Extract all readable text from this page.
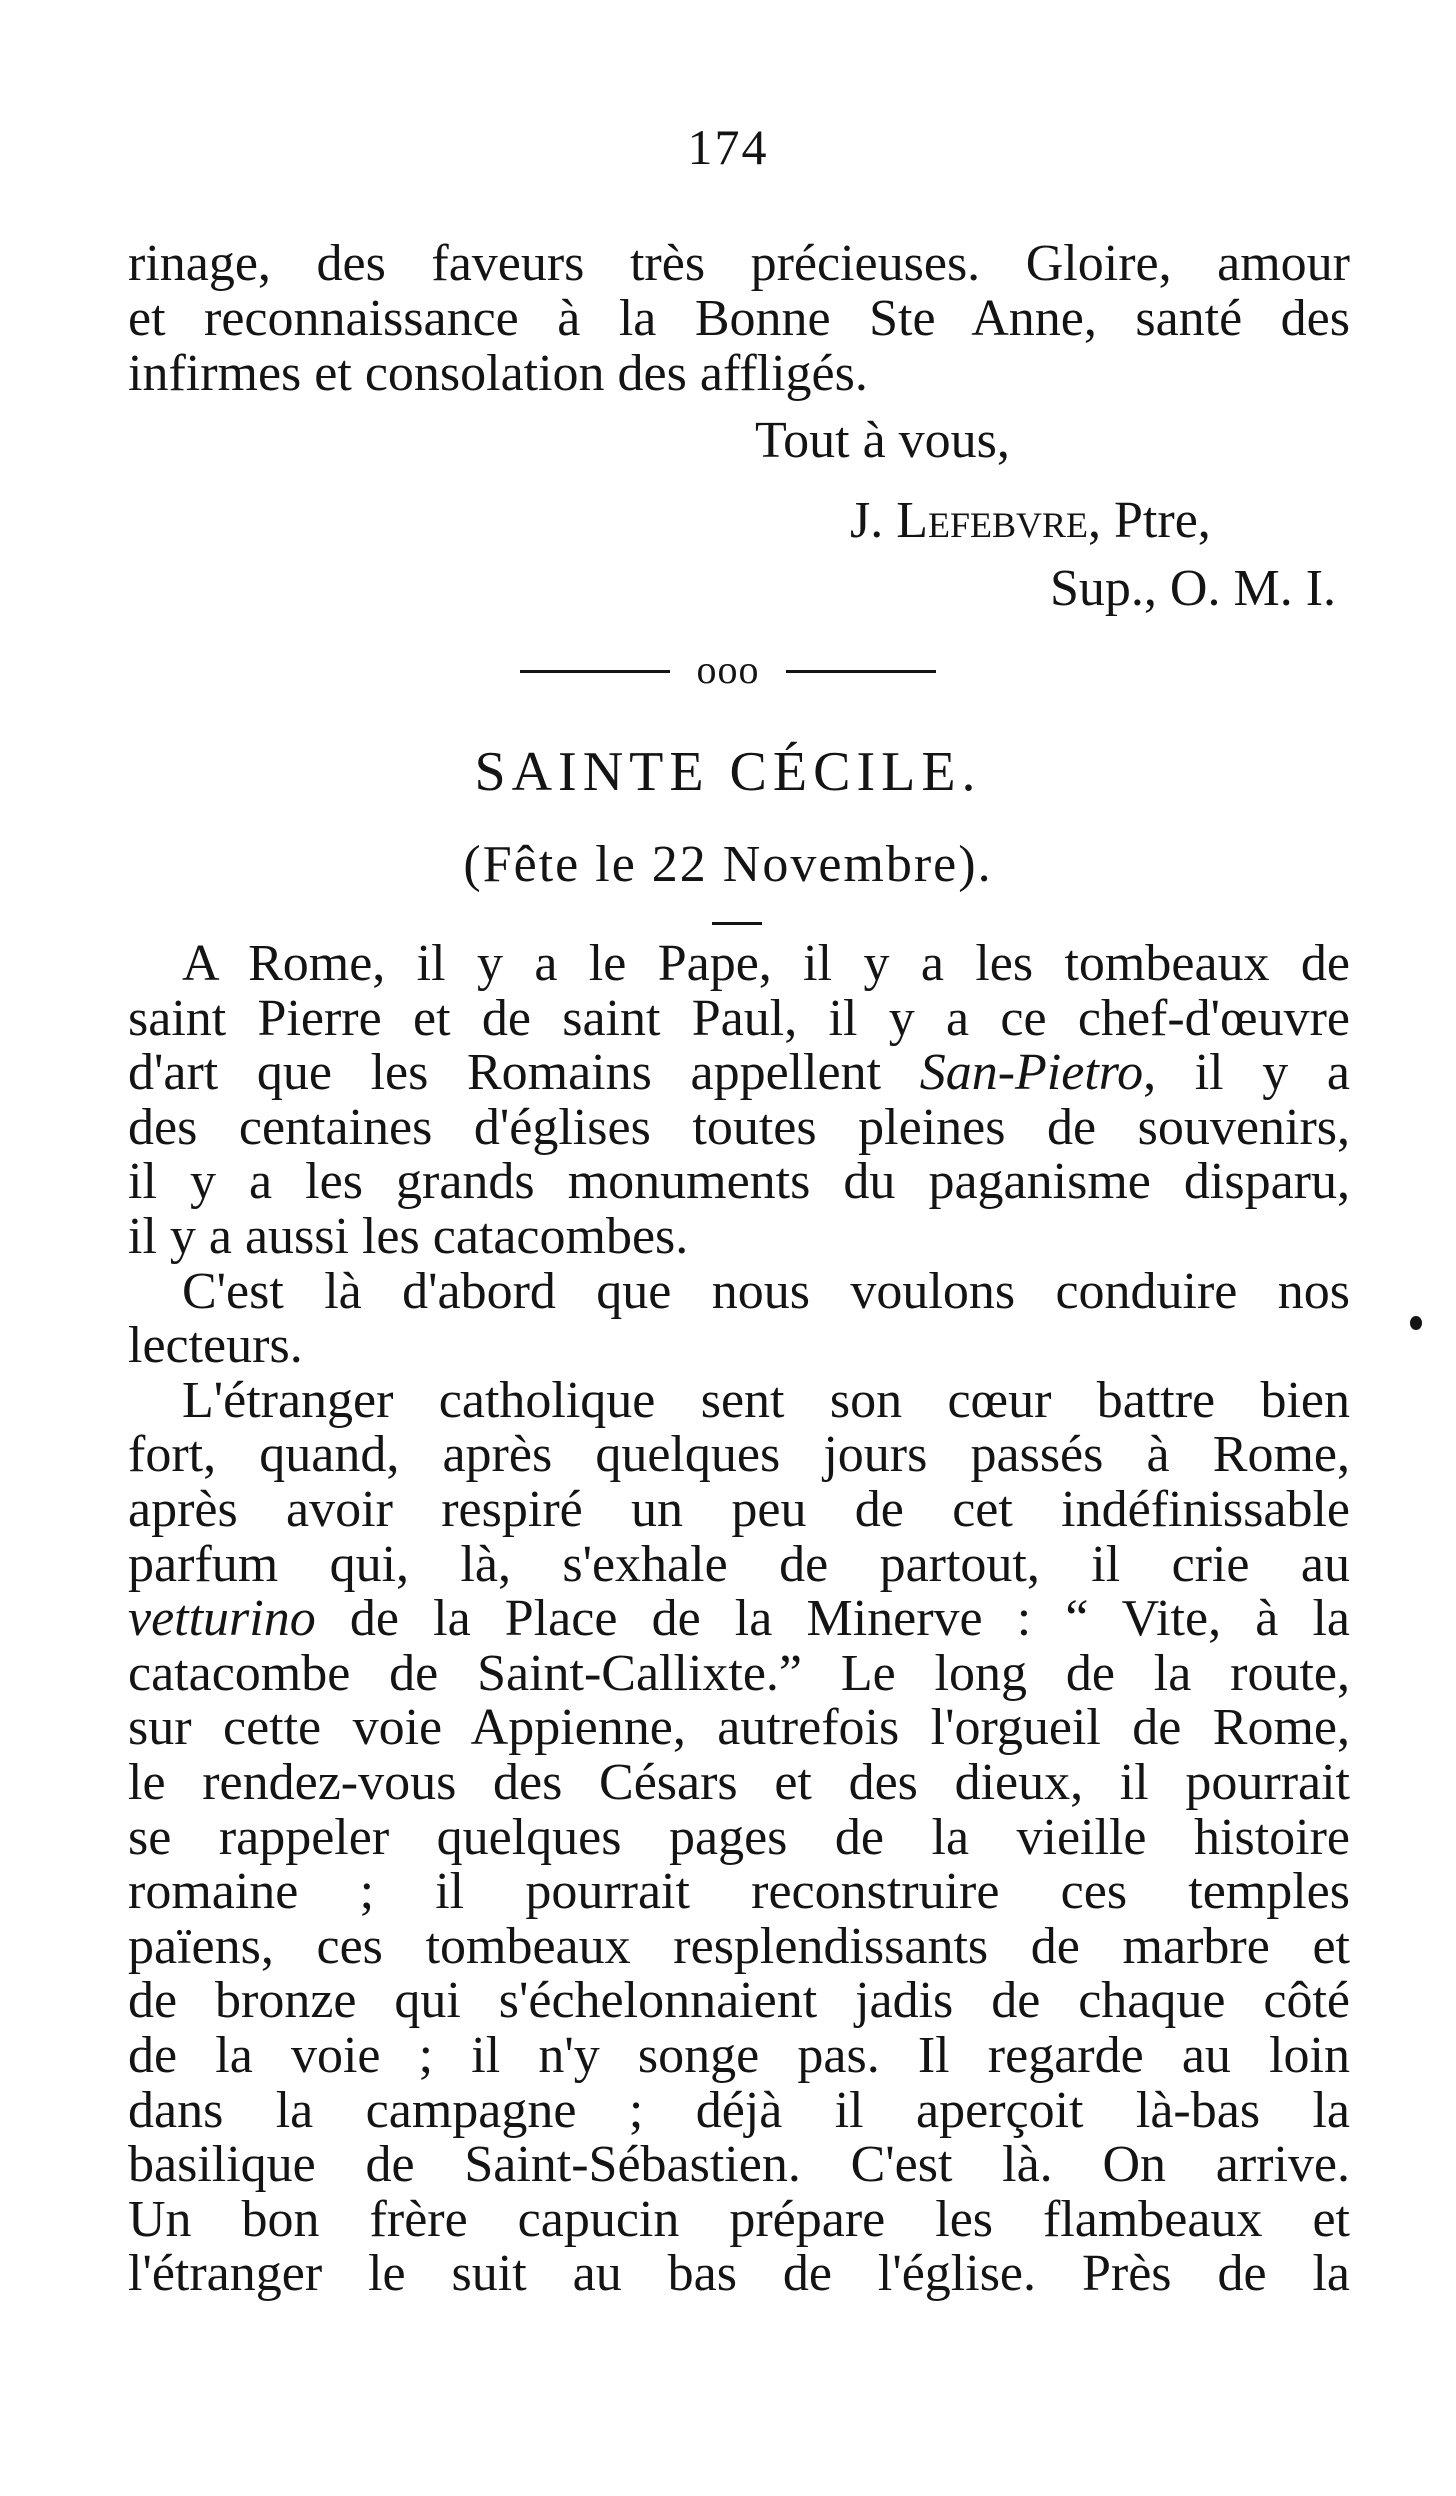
174
rinage, des faveurs très précieuses. Gloire, amour
et reconnaissance à la Bonne Ste Anne, santé des
infirmes et consolation des affligés.
Tout à vous,
J. Lefebvre, Ptre,
Sup., O. M. I.
ooo
SAINTE CÉCILE.
(Fête le 22 Novembre).
A Rome, il y a le Pape, il y a les tombeaux de
saint Pierre et de saint Paul, il y a ce chef-d'œuvre
d'art que les Romains appellent San-Pietro, il y a
des centaines d'églises toutes pleines de souvenirs,
il y a les grands monuments du paganisme disparu,
il y a aussi les catacombes.
C'est là d'abord que nous voulons conduire nos
lecteurs.
L'étranger catholique sent son cœur battre bien
fort, quand, après quelques jours passés à Rome,
après avoir respiré un peu de cet indéfinissable
parfum qui, là, s'exhale de partout, il crie au
vetturino de la Place de la Minerve : “ Vite, à la
catacombe de Saint-Callixte.” Le long de la route,
sur cette voie Appienne, autrefois l'orgueil de Rome,
le rendez-vous des Césars et des dieux, il pourrait
se rappeler quelques pages de la vieille histoire
romaine ; il pourrait reconstruire ces temples
païens, ces tombeaux resplendissants de marbre et
de bronze qui s'échelonnaient jadis de chaque côté
de la voie ; il n'y songe pas. Il regarde au loin
dans la campagne ; déjà il aperçoit là-bas la
basilique de Saint-Sébastien. C'est là. On arrive.
Un bon frère capucin prépare les flambeaux et
l'étranger le suit au bas de l'église. Près de la
